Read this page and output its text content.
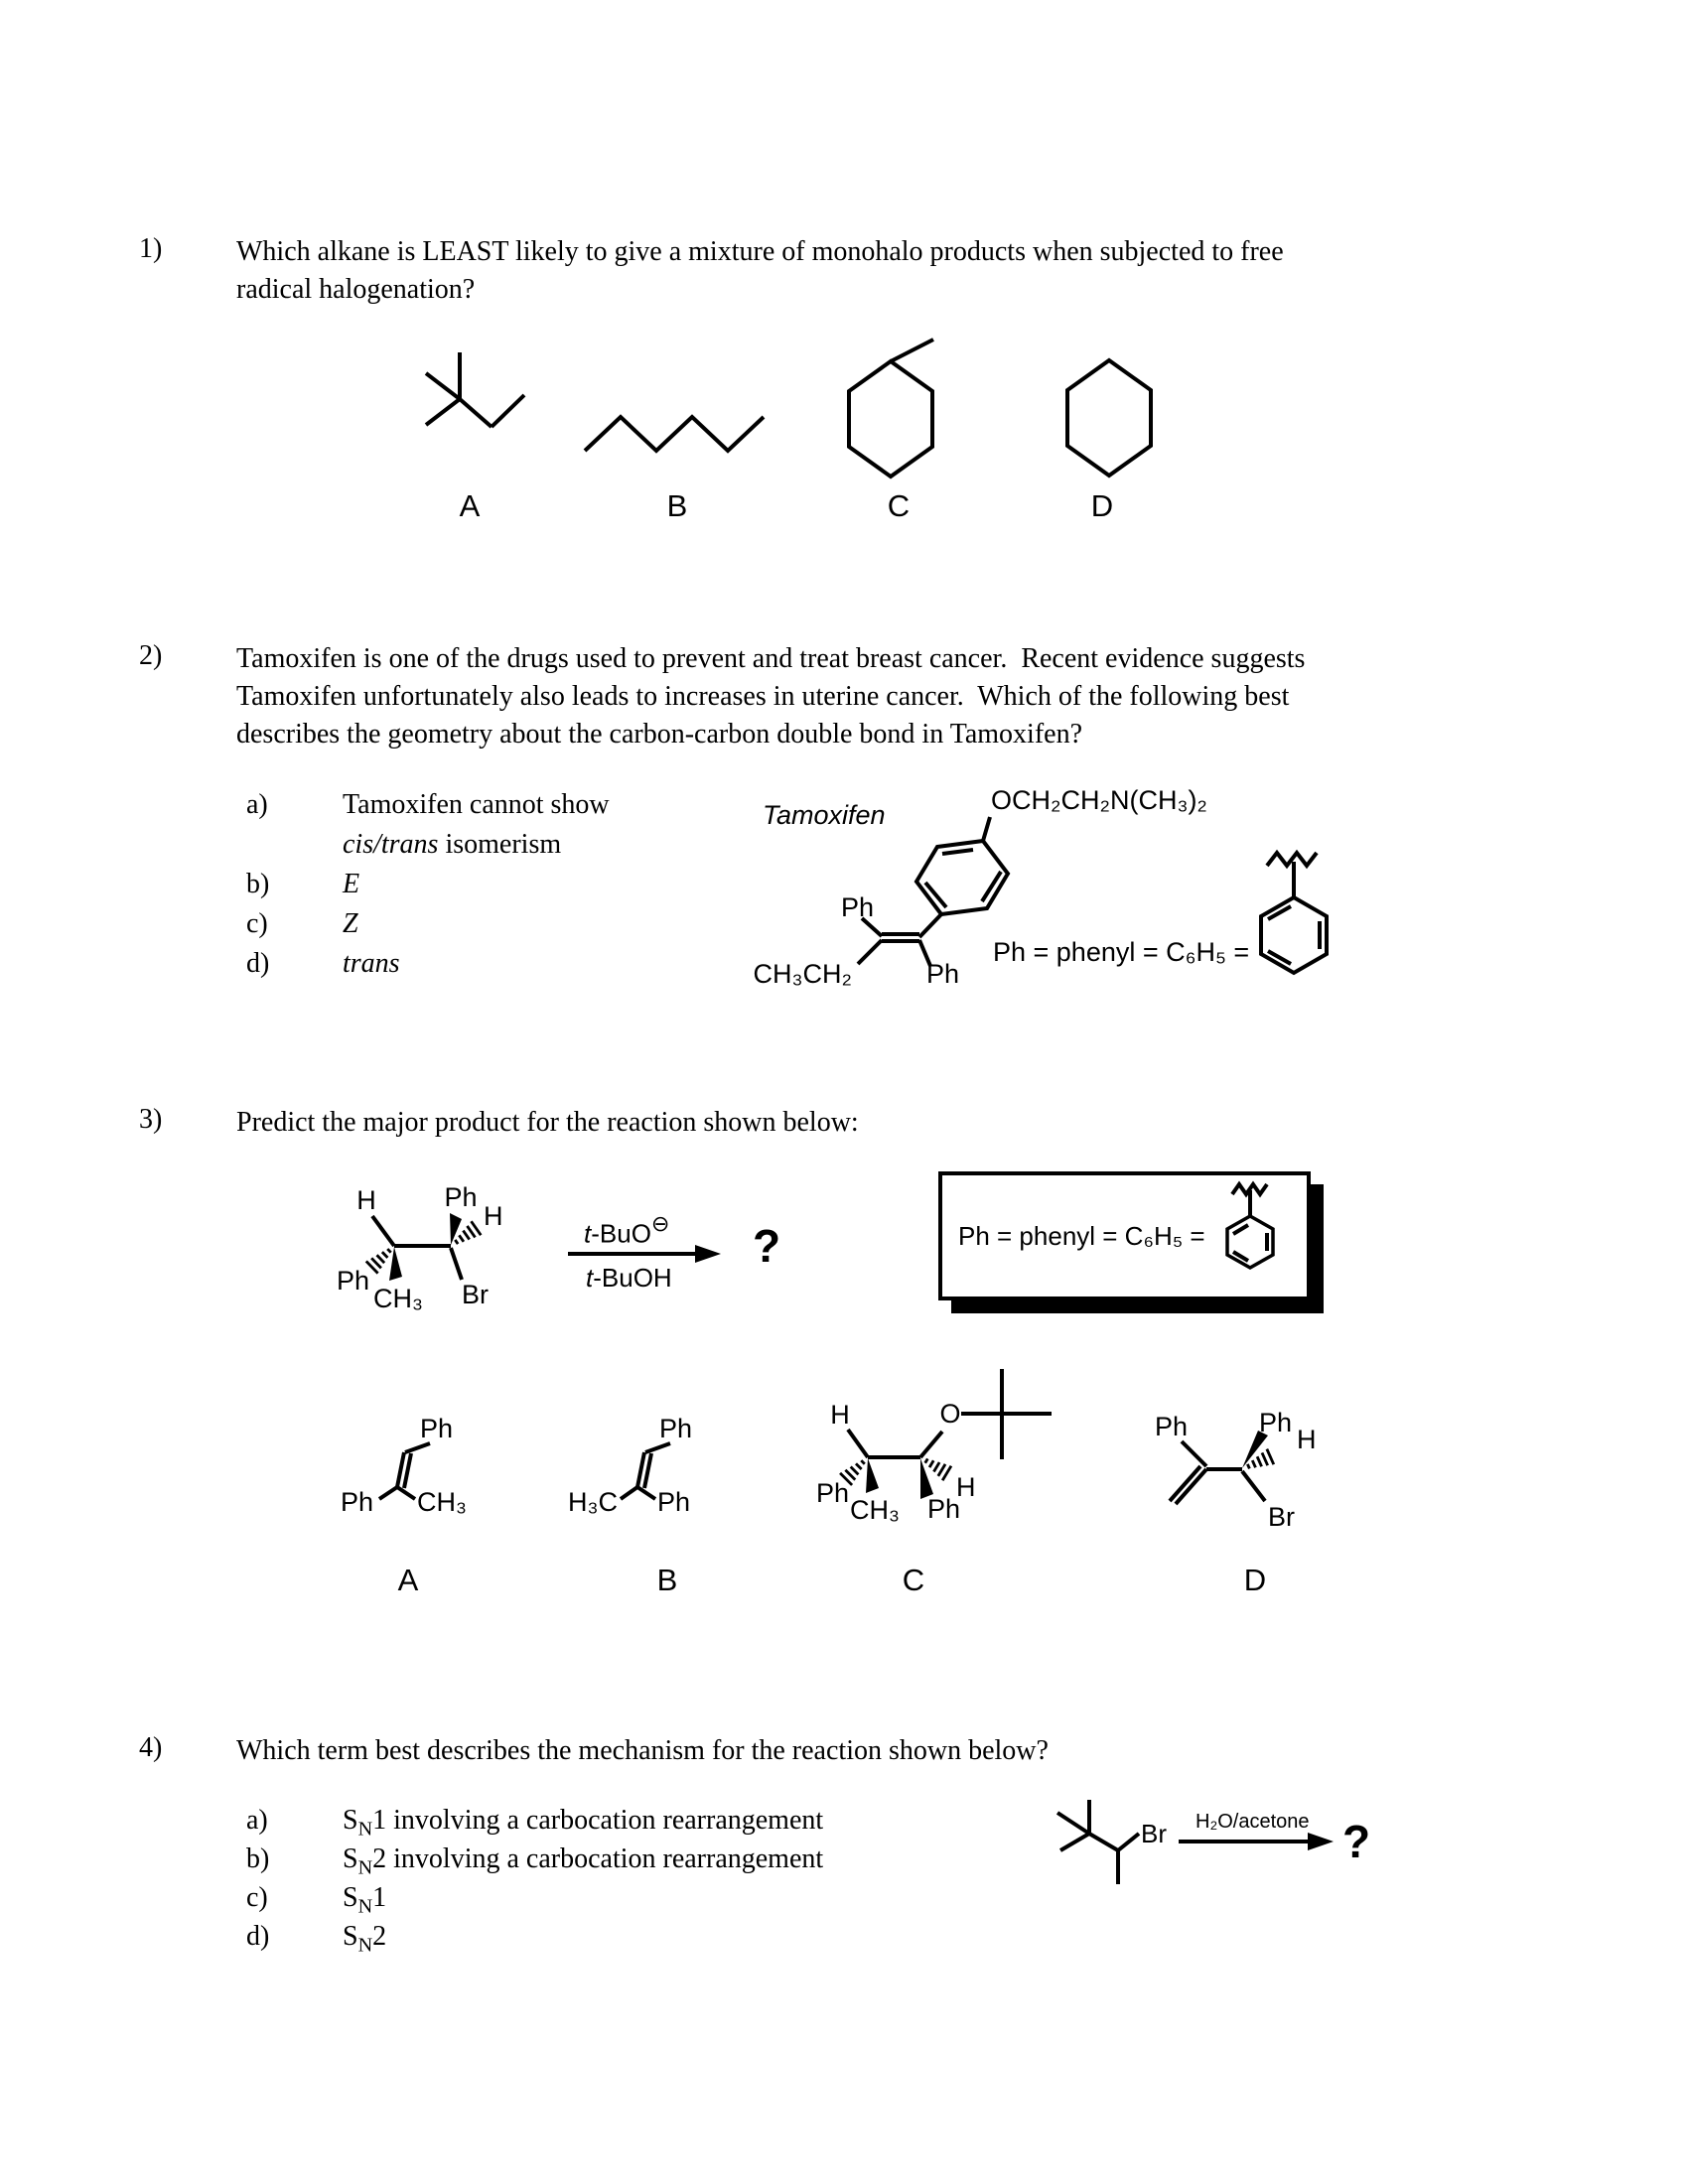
1)	Which alkane is LEAST likely to give a mixture of monohalo products when subjected to free
radical halogenation?
A	B	C	D
2)	Tamoxifen is one of the drugs used to prevent and treat breast cancer.  Recent evidence suggests
Tamoxifen unfortunately also leads to increases in uterine cancer.  Which of the following best
describes the geometry about the carbon-carbon double bond in Tamoxifen?
a)	Tamoxifen cannot show
cis/trans isomerism
b)	E
c)	Z
d)	trans
Tamoxifen	OCH₂CH₂N(CH₃)₂
Ph
CH₃CH₂	Ph
Ph = phenyl = C₆H₅ =
3)	Predict the major product for the reaction shown below:
H
Ph
CH₃
Ph
H
Br
t-BuO⊖
t-BuOH
?	Ph = phenyl = C₆H₅ =
Ph
Ph CH₃
Ph
H₃C Ph
H
Ph
CH₃
O
H
Ph
Ph	Ph
H
Br
A	B	C	D
4)	Which term best describes the mechanism for the reaction shown below?
a)	$S_N1$ involving a carbocation rearrangement
b)	$S_N2$ involving a carbocation rearrangement
c)	$S_N1$
d)	$S_N2$
Br H₂O/acetone ?
